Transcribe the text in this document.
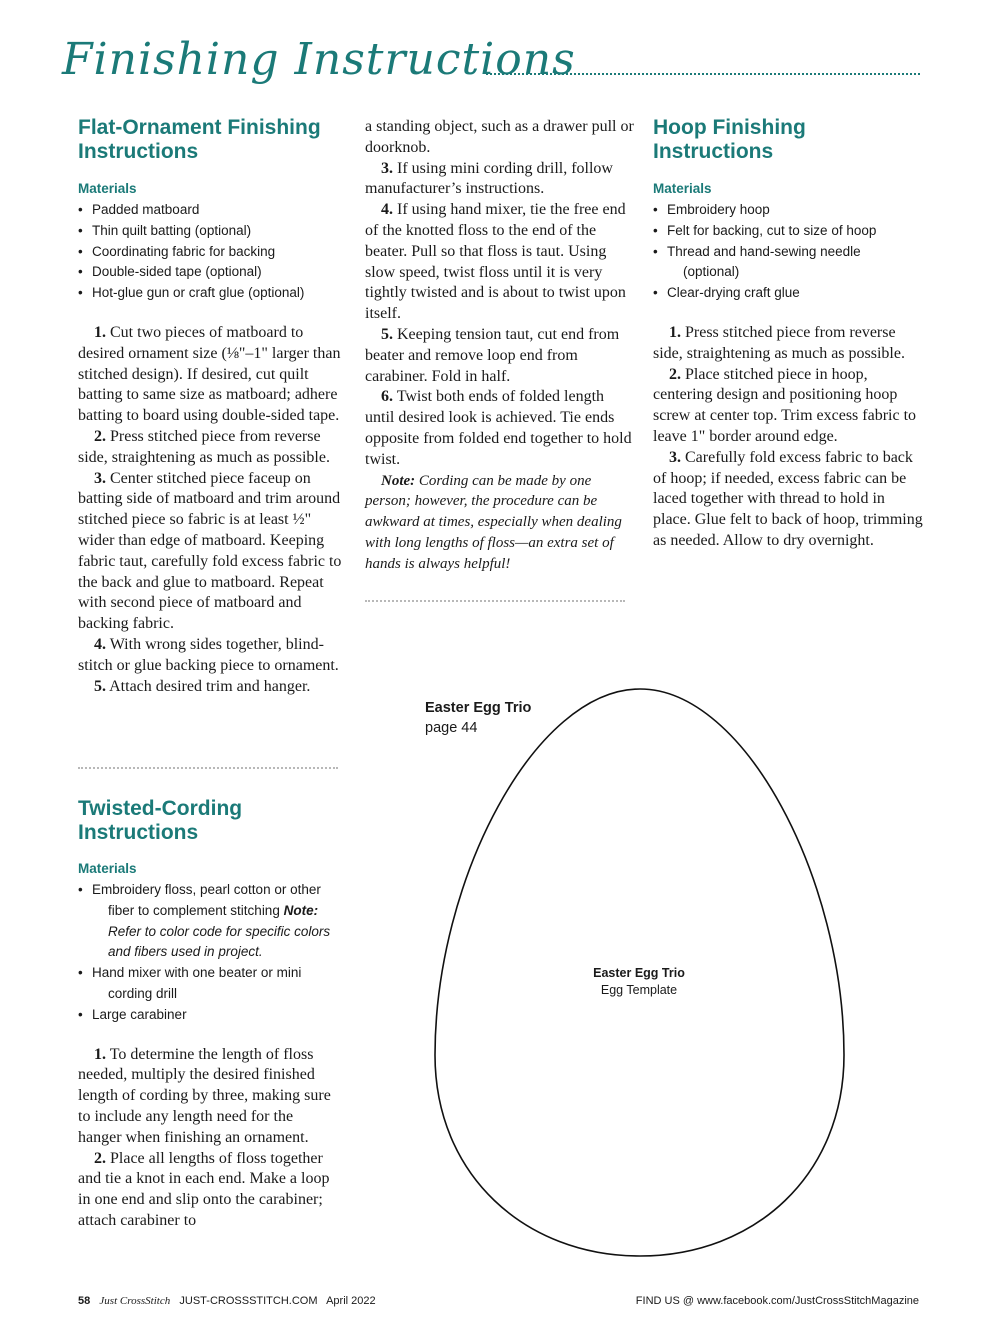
Finishing Instructions
Flat-Ornament Finishing
Instructions
Materials
• Padded matboard
• Thin quilt batting (optional)
• Coordinating fabric for backing
• Double-sided tape (optional)
• Hot-glue gun or craft glue (optional)

1. Cut two pieces of matboard to desired ornament size (⅛"–1" larger than stitched design). If desired, cut quilt batting to same size as matboard; adhere batting to board using double-sided tape.

2. Press stitched piece from reverse side, straightening as much as possible.

3. Center stitched piece faceup on batting side of matboard and trim around stitched piece so fabric is at least ½" wider than edge of matboard. Keeping fabric taut, carefully fold excess fabric to the back and glue to matboard. Repeat with second piece of matboard and backing fabric.

4. With wrong sides together, blind-stitch or glue backing piece to ornament.

5. Attach desired trim and hanger.

Twisted-Cording
Instructions
Materials
• Embroidery floss, pearl cotton or other
fiber to complement stitching Note: Refer to color code for specific colors and fibers used in project.
• Hand mixer with one beater or mini
cording drill
• Large carabiner

1. To determine the length of floss needed, multiply the desired finished length of cording by three, making sure to include any length need for the hanger when finishing an ornament.

2. Place all lengths of floss together and tie a knot in each end. Make a loop in one end and slip onto the carabiner; attach carabiner to

a standing object, such as a drawer pull or doorknob.

3. If using mini cording drill, follow manufacturer’s instructions.

4. If using hand mixer, tie the free end of the knotted floss to the end of the beater. Pull so that floss is taut. Using slow speed, twist floss until it is very tightly twisted and is about to twist upon itself.

5. Keeping tension taut, cut end from beater and remove loop end from carabiner. Fold in half.

6. Twist both ends of folded length until desired look is achieved. Tie ends opposite from folded end together to hold twist.

Note: Cording can be made by one person; however, the procedure can be awkward at times, especially when dealing with long lengths of floss—an extra set of hands is always helpful!

Hoop Finishing
Instructions
Materials
• Embroidery hoop
• Felt for backing, cut to size of hoop
• Thread and hand-sewing needle
(optional)
• Clear-drying craft glue

1. Press stitched piece from reverse side, straightening as much as possible.

2. Place stitched piece in hoop, centering design and positioning hoop screw at center top. Trim excess fabric to leave 1" border around edge.

3. Carefully fold excess fabric to back of hoop; if needed, excess fabric can be laced together with thread to hold in place. Glue felt to back of hoop, trimming as needed. Allow to dry overnight.

Easter Egg Trio
page 44
Easter Egg Trio
Egg Template
58 Just CrossStitch JUST-CROSSSTITCH.COM April 2022	FIND US @ www.facebook.com/JustCrossStitchMagazine
